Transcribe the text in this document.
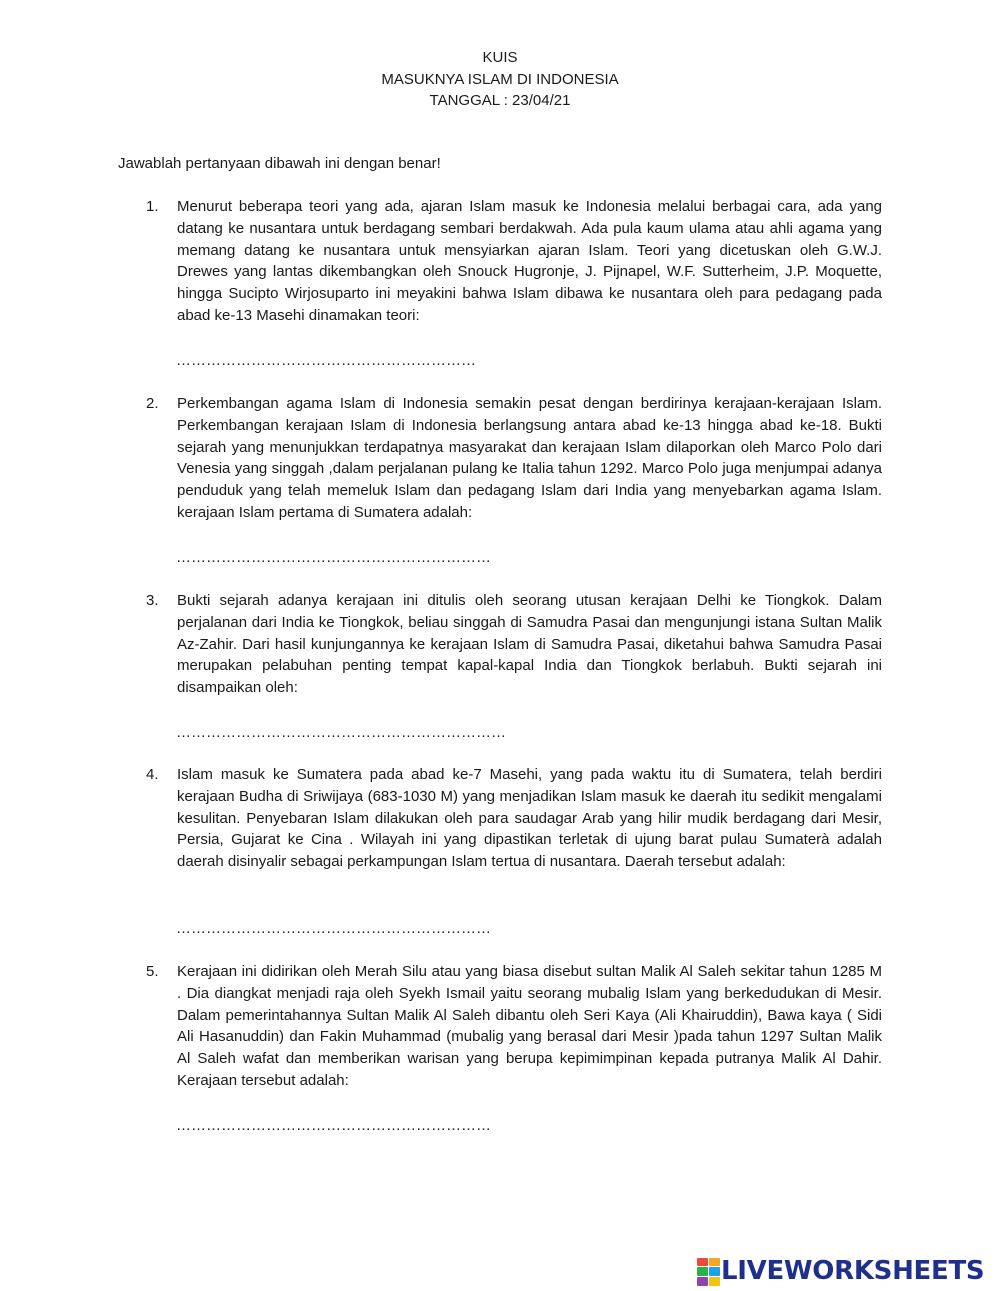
KUIS
MASUKNYA ISLAM DI INDONESIA
TANGGAL : 23/04/21
Jawablah pertanyaan dibawah ini dengan benar!
1.	Menurut beberapa teori yang ada, ajaran Islam masuk ke Indonesia melalui berbagai cara, ada yang datang ke nusantara untuk berdagang sembari berdakwah. Ada pula kaum ulama atau ahli agama yang memang datang ke nusantara untuk mensyiarkan ajaran Islam. Teori yang dicetuskan oleh G.W.J. Drewes yang lantas dikembangkan oleh Snouck Hugronje, J. Pijnapel, W.F. Sutterheim, J.P. Moquette, hingga Sucipto Wirjosuparto ini meyakini bahwa Islam dibawa ke nusantara oleh para pedagang pada abad ke-13 Masehi dinamakan teori:
……………………………………………………………
2.	Perkembangan agama Islam di Indonesia semakin pesat dengan berdirinya kerajaan-kerajaan Islam. Perkembangan kerajaan Islam di Indonesia berlangsung antara abad ke-13 hingga abad ke-18. Bukti sejarah yang menunjukkan terdapatnya masyarakat dan kerajaan Islam dilaporkan oleh Marco Polo dari Venesia yang singgah ,dalam perjalanan pulang ke Italia tahun 1292. Marco Polo juga menjumpai adanya penduduk yang telah memeluk Islam dan pedagang Islam dari India yang menyebarkan agama Islam. kerajaan Islam pertama di Sumatera adalah:
……………………………………………………………….
3.	Bukti sejarah adanya kerajaan ini ditulis oleh seorang utusan kerajaan Delhi ke Tiongkok. Dalam perjalanan dari India ke Tiongkok, beliau singgah di Samudra Pasai dan mengunjungi istana Sultan Malik Az-Zahir. Dari hasil kunjungannya ke kerajaan Islam di Samudra Pasai, diketahui bahwa Samudra Pasai merupakan pelabuhan penting tempat kapal-kapal India dan Tiongkok berlabuh. Bukti sejarah ini disampaikan oleh:
…………………………………………………………………
4.	Islam masuk ke Sumatera pada abad ke-7 Masehi, yang pada waktu itu di Sumatera, telah berdiri kerajaan Budha di Sriwijaya (683-1030 M) yang menjadikan Islam masuk ke daerah itu sedikit mengalami kesulitan. Penyebaran Islam dilakukan oleh para saudagar Arab yang hilir mudik berdagang dari Mesir, Persia, Gujarat ke Cina . Wilayah ini yang dipastikan terletak di ujung barat pulau Sumaterà adalah daerah disinyalir sebagai perkampungan Islam tertua di nusantara. Daerah tersebut adalah:
……………………………………………………………….
5.	Kerajaan ini didirikan oleh Merah Silu atau yang biasa disebut sultan Malik Al Saleh sekitar tahun 1285 M . Dia diangkat menjadi raja oleh Syekh Ismail yaitu seorang mubalig Islam yang berkedudukan di Mesir. Dalam pemerintahannya Sultan Malik Al Saleh dibantu oleh Seri Kaya (Ali Khairuddin), Bawa kaya ( Sidi Ali Hasanuddin) dan Fakin Muhammad (mubalig yang berasal dari Mesir )pada tahun 1297 Sultan Malik Al Saleh wafat dan memberikan warisan yang berupa kepimimpinan kepada putranya Malik Al Dahir. Kerajaan tersebut adalah:
……………………………………………………………….
LIVEWORKSHEETS
